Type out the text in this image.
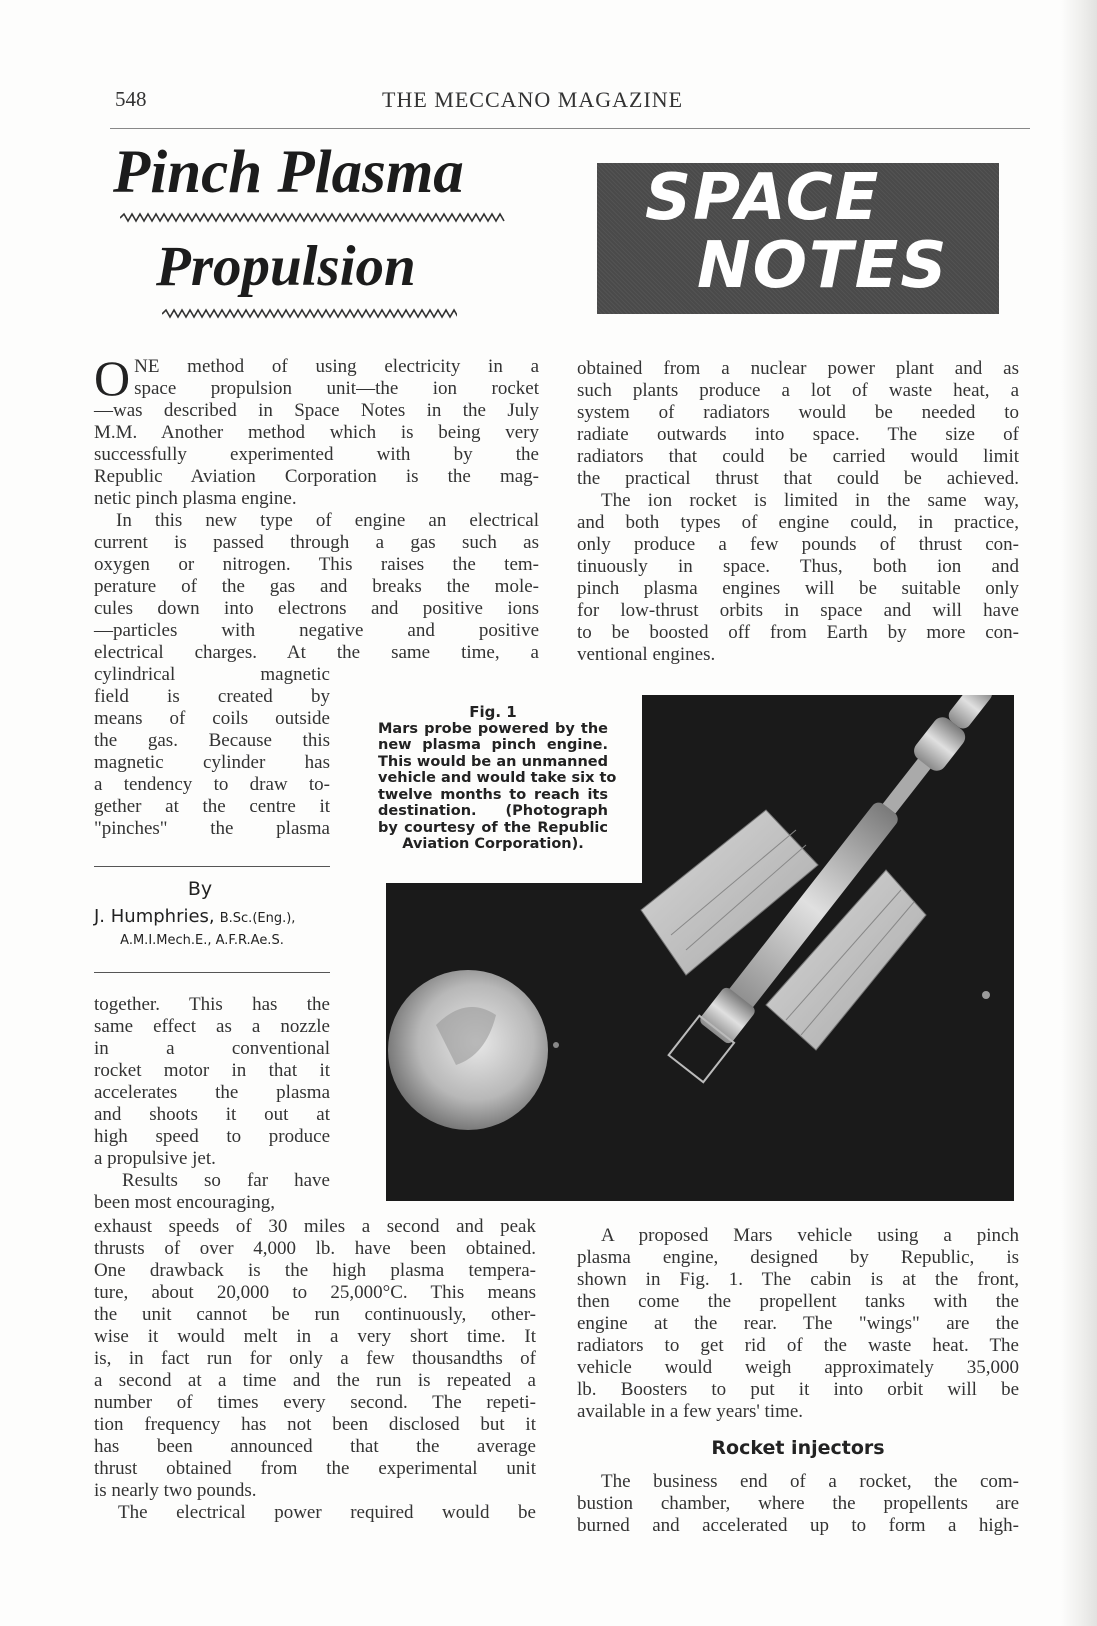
548	THE MECCANO MAGAZINE
Pinch Plasma
Propulsion
SPACE
NOTES
O NE method of using electricity in a
space propulsion unit—the ion rocket
—was described in Space Notes in the July
M.M. Another method which is being very
successfully experimented with by the
Republic Aviation Corporation is the mag-
netic pinch plasma engine.
In this new type of engine an electrical
current is passed through a gas such as
oxygen or nitrogen. This raises the tem-
perature of the gas and breaks the mole-
cules down into electrons and positive ions
—particles with negative and positive
electrical charges. At the same time, a
cylindrical magnetic
field is created by
means of coils outside
the gas. Because this
magnetic cylinder has
a tendency to draw to-
gether at the centre it
"pinches" the plasma
By
J. Humphries, B.Sc.(Eng.),
A.M.I.Mech.E., A.F.R.Ae.S.
together. This has the
same effect as a nozzle
in a conventional
rocket motor in that it
accelerates the plasma
and shoots it out at
high speed to produce
a propulsive jet.
Results so far have
been most encouraging,
exhaust speeds of 30 miles a second and peak
thrusts of over 4,000 lb. have been obtained.
One drawback is the high plasma tempera-
ture, about 20,000 to 25,000°C. This means
the unit cannot be run continuously, other-
wise it would melt in a very short time. It
is, in fact run for only a few thousandths of
a second at a time and the run is repeated a
number of times every second. The repeti-
tion frequency has not been disclosed but it
has been announced that the average
thrust obtained from the experimental unit
is nearly two pounds.
The electrical power required would be
obtained from a nuclear power plant and as
such plants produce a lot of waste heat, a
system of radiators would be needed to
radiate outwards into space. The size of
radiators that could be carried would limit
the practical thrust that could be achieved.
The ion rocket is limited in the same way,
and both types of engine could, in practice,
only produce a few pounds of thrust con-
tinuously in space. Thus, both ion and
pinch plasma engines will be suitable only
for low-thrust orbits in space and will have
to be boosted off from Earth by more con-
ventional engines.
Fig. 1
Mars probe powered by the
new plasma pinch engine.
This would be an unmanned
vehicle and would take six to
twelve months to reach its
destination. (Photograph
by courtesy of the Republic
Aviation Corporation).
A proposed Mars vehicle using a pinch
plasma engine, designed by Republic, is
shown in Fig. 1. The cabin is at the front,
then come the propellent tanks with the
engine at the rear. The "wings" are the
radiators to get rid of the waste heat. The
vehicle would weigh approximately 35,000
lb. Boosters to put it into orbit will be
available in a few years' time.
Rocket injectors
The business end of a rocket, the com-
bustion chamber, where the propellents are
burned and accelerated up to form a high-
